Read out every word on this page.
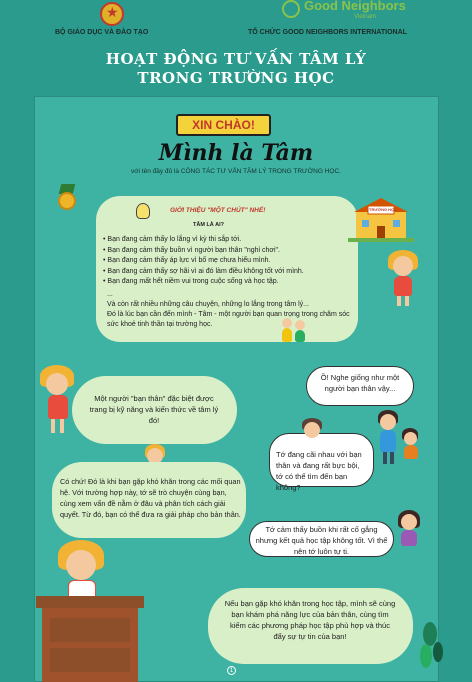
★
Good Neighbors
Vietnam
BỘ GIÁO DỤC VÀ ĐÀO TẠO	TỔ CHỨC GOOD NEIGHBORS INTERNATIONAL
HOẠT ĐỘNG TƯ VẤN TÂM LÝ
TRONG TRƯỜNG HỌC
XIN CHÀO!
Mình là Tâm
với tên đầy đủ là CÔNG TÁC TƯ VẤN TÂM LÝ TRONG TRƯỜNG HỌC.
GIỚI THIỆU "MỘT CHÚT" NHÉ!
TÂM LÀ AI?
• Bạn đang cảm thấy lo lắng vì kỳ thi sắp tới.
• Bạn đang cảm thấy buồn vì người bạn thân "nghỉ chơi".
• Bạn đang cảm thấy áp lực vì bố mẹ chưa hiểu mình.
• Bạn đang cảm thấy sợ hãi vì ai đó làm điều không tốt với mình.
• Bạn đang mất hết niềm vui trong cuộc sống và học tập.
...
Và còn rất nhiều những câu chuyện, những lo lắng trong tâm lý...
Đó là lúc bạn cần đến mình - Tâm - một người bạn quan trọng trong chăm sóc sức khoẻ tinh thần tại trường học.
TRƯỜNG HỌC
Một người "bạn thân" đặc biệt được trang bị kỹ năng và kiến thức về tâm lý đó!
Ồ! Nghe giống như một người bạn thân vậy...
Tớ đang cãi nhau với bạn thân và đang rất bực bội, tớ có thể tìm đến bạn không?
Có chứ! Đó là khi bạn gặp khó khăn trong các mối quan hệ. Với trường hợp này, tớ sẽ trò chuyện cùng bạn, cùng xem vấn đề nằm ở đâu và phân tích cách giải quyết. Từ đó, bạn có thể đưa ra giải pháp cho bản thân.
Tớ cảm thấy buồn khi rất cố gắng nhưng kết quả học tập không tốt. Vì thế nên tớ luôn tự ti.
Nếu bạn gặp khó khăn trong học tập, mình sẽ cùng bạn khám phá năng lực của bản thân, cùng tìm kiếm các phương pháp học tập phù hợp và thúc đẩy sự tự tin của bạn!
1
